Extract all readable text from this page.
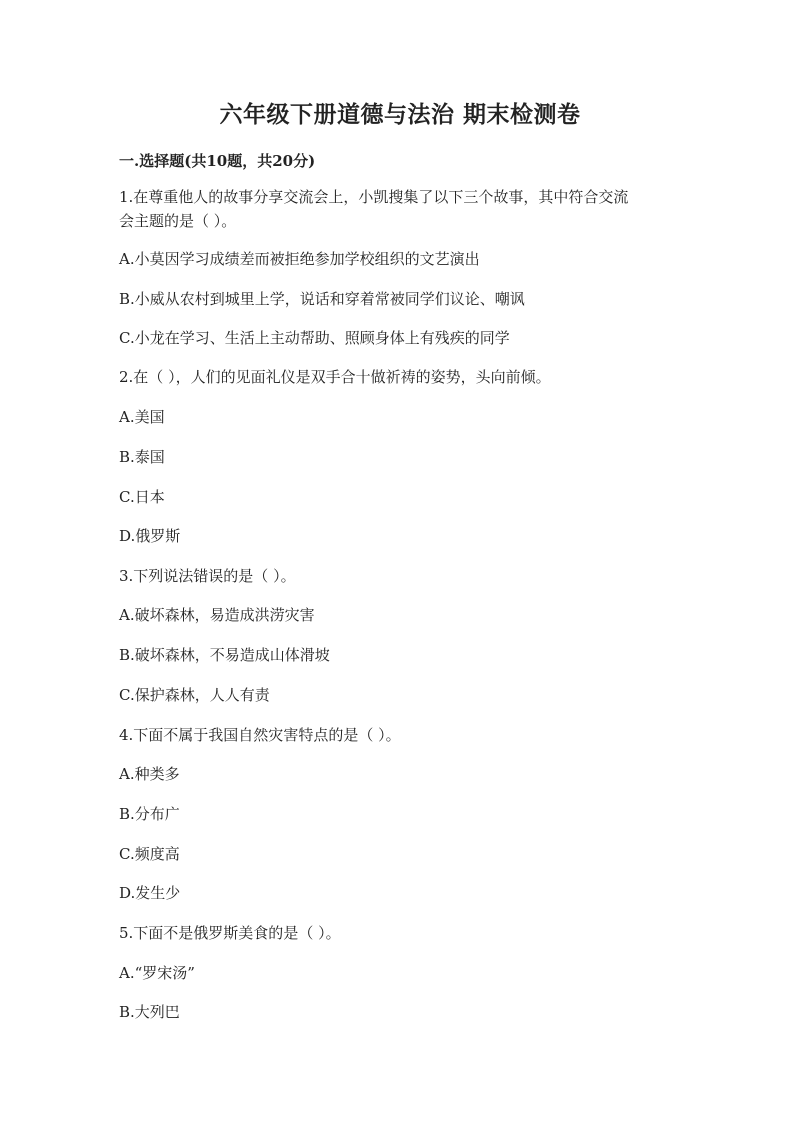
六年级下册道德与法治 期末检测卷
一.选择题(共10题，共20分)
1.在尊重他人的故事分享交流会上，小凯搜集了以下三个故事，其中符合交流
会主题的是（ ）。
A.小莫因学习成绩差而被拒绝参加学校组织的文艺演出
B.小威从农村到城里上学，说话和穿着常被同学们议论、嘲讽
C.小龙在学习、生活上主动帮助、照顾身体上有残疾的同学
2.在（ ），人们的见面礼仪是双手合十做祈祷的姿势，头向前倾。
A.美国
B.泰国
C.日本
D.俄罗斯
3.下列说法错误的是（ ）。
A.破坏森林，易造成洪涝灾害
B.破坏森林，不易造成山体滑坡
C.保护森林，人人有责
4.下面不属于我国自然灾害特点的是（ ）。
A.种类多
B.分布广
C.频度高
D.发生少
5.下面不是俄罗斯美食的是（ ）。
A.“罗宋汤”
B.大列巴
